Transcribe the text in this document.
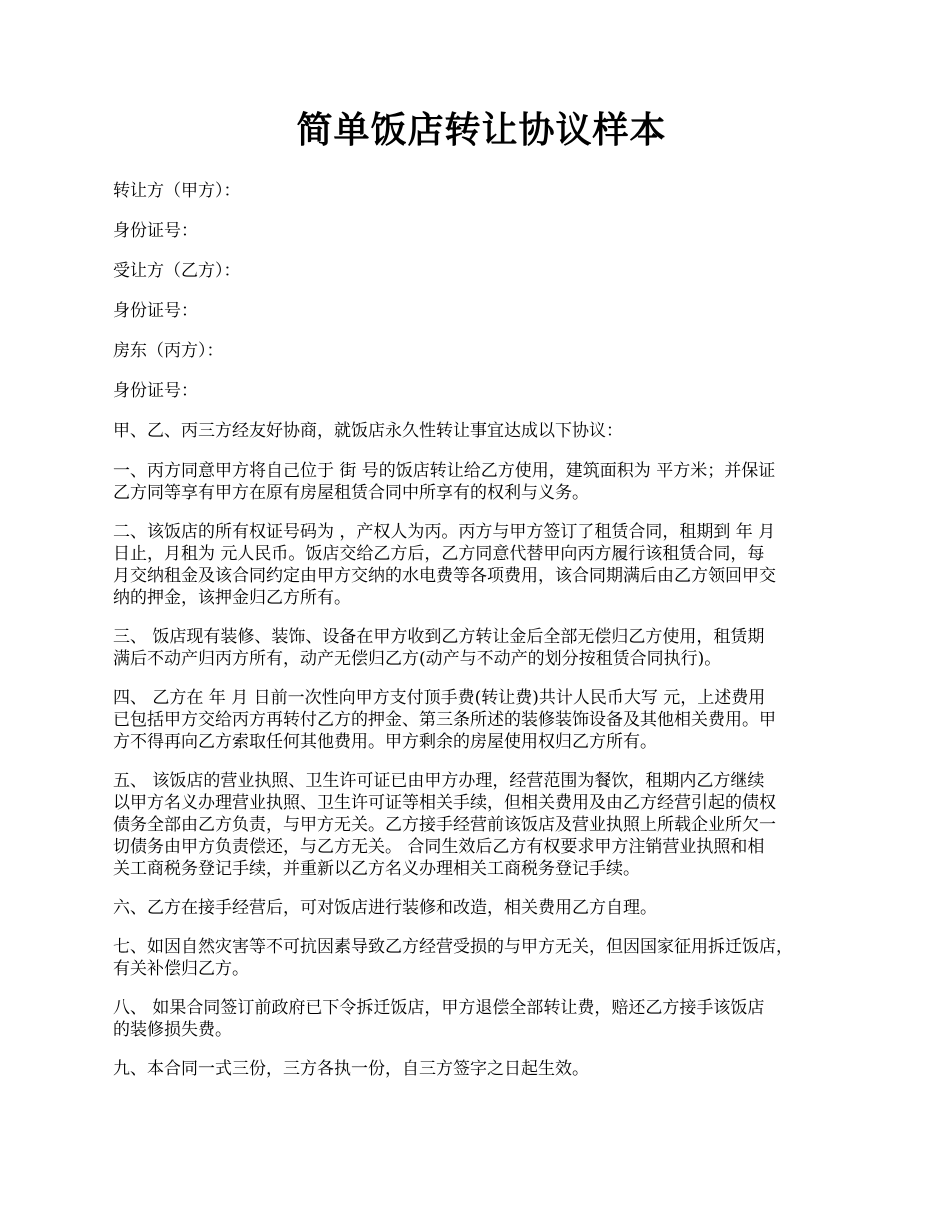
简单饭店转让协议样本
转让方（甲方）：
身份证号：
受让方（乙方）：
身份证号：
房东（丙方）：
身份证号：
甲、乙、丙三方经友好协商，就饭店永久性转让事宜达成以下协议：
一、丙方同意甲方将自己位于 街 号的饭店转让给乙方使用，建筑面积为 平方米；并保证
乙方同等享有甲方在原有房屋租赁合同中所享有的权利与义务。
二、该饭店的所有权证号码为 ，产权人为丙。丙方与甲方签订了租赁合同，租期到 年 月
日止，月租为 元人民币。饭店交给乙方后，乙方同意代替甲向丙方履行该租赁合同，每
月交纳租金及该合同约定由甲方交纳的水电费等各项费用，该合同期满后由乙方领回甲交
纳的押金，该押金归乙方所有。
三、 饭店现有装修、装饰、设备在甲方收到乙方转让金后全部无偿归乙方使用，租赁期
满后不动产归丙方所有，动产无偿归乙方(动产与不动产的划分按租赁合同执行)。
四、 乙方在 年 月 日前一次性向甲方支付顶手费(转让费)共计人民币大写 元，上述费用
已包括甲方交给丙方再转付乙方的押金、第三条所述的装修装饰设备及其他相关费用。甲
方不得再向乙方索取任何其他费用。甲方剩余的房屋使用权归乙方所有。
五、 该饭店的营业执照、卫生许可证已由甲方办理，经营范围为餐饮，租期内乙方继续
以甲方名义办理营业执照、卫生许可证等相关手续，但相关费用及由乙方经营引起的债权
债务全部由乙方负责，与甲方无关。乙方接手经营前该饭店及营业执照上所载企业所欠一
切债务由甲方负责偿还，与乙方无关。 合同生效后乙方有权要求甲方注销营业执照和相
关工商税务登记手续，并重新以乙方名义办理相关工商税务登记手续。
六、乙方在接手经营后，可对饭店进行装修和改造，相关费用乙方自理。
七、如因自然灾害等不可抗因素导致乙方经营受损的与甲方无关，但因国家征用拆迁饭店，
有关补偿归乙方。
八、 如果合同签订前政府已下令拆迁饭店，甲方退偿全部转让费，赔还乙方接手该饭店
的装修损失费。
九、本合同一式三份，三方各执一份，自三方签字之日起生效。
